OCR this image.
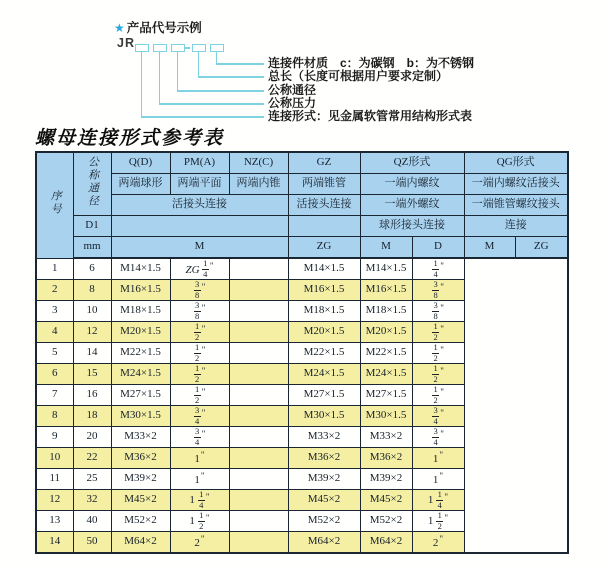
★ 产品代号示例
JR
连接件材质　c：为碳钢　b：为不锈钢
总长（长度可根据用户要求定制）
公称通径
公称压力
连接形式：见金属软管常用结构形式表
螺母连接形式参考表
序号	公称通径	Q(D)	PM(A)	NZ(C)	GZ	QZ形式		QG形式	
		两端球形	两端平面	两端内锥	两端锥管	一端内螺纹		一端内螺纹活接头	
		活接头连接			活接头连接	一端外螺纹		一端锥管螺纹接头	
	D1					球形接头连接		连接	
	mm	M			ZG	M	D	M	ZG
1	6	M14×1.5	ZG $\frac{1}{4} ^"$		M14×1.5	M14×1.5	$\frac{1}{4} ^"$
2	8	M16×1.5	$\frac{3}{8} ^"$		M16×1.5	M16×1.5	$\frac{3}{8} ^"$
3	10	M18×1.5	$\frac{3}{8} ^"$		M18×1.5	M18×1.5	$\frac{3}{8} ^"$
4	12	M20×1.5	$\frac{1}{2} ^"$		M20×1.5	M20×1.5	$\frac{1}{2} ^"$
5	14	M22×1.5	$\frac{1}{2} ^"$		M22×1.5	M22×1.5	$\frac{1}{2} ^"$
6	15	M24×1.5	$\frac{1}{2} ^"$		M24×1.5	M24×1.5	$\frac{1}{2} ^"$
7	16	M27×1.5	$\frac{1}{2} ^"$		M27×1.5	M27×1.5	$\frac{1}{2} ^"$
8	18	M30×1.5	$\frac{3}{4} ^"$		M30×1.5	M30×1.5	$\frac{3}{4} ^"$
9	20	M33×2	$\frac{3}{4} ^"$		M33×2	M33×2	$\frac{3}{4} ^"$
10	22	M36×2	1"		M36×2	M36×2	1"
11	25	M39×2	1"		M39×2	M39×2	1"
12	32	M45×2	$1 \frac{1}{4} ^"$		M45×2	M45×2	$1 \frac{1}{4} ^"$
13	40	M52×2	$1 \frac{1}{2} ^"$		M52×2	M52×2	$1 \frac{1}{2} ^"$
14	50	M64×2	2"		M64×2	M64×2	2"
